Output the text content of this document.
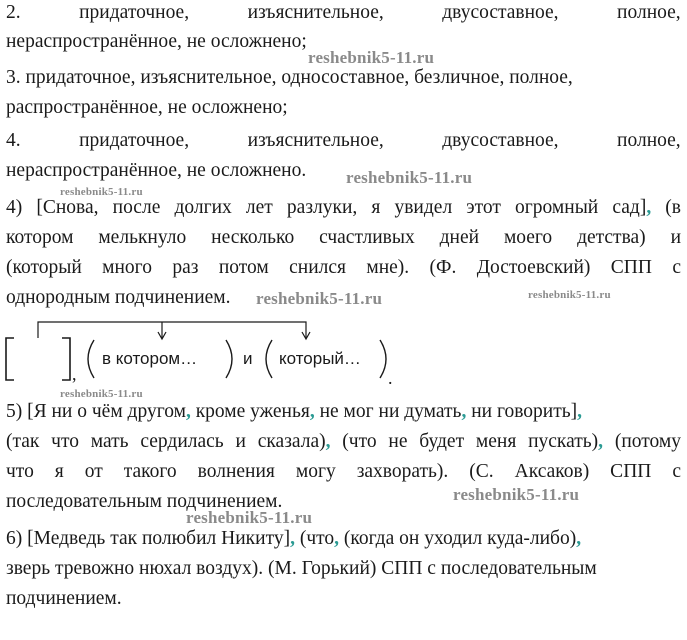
2.            придаточное,            изъяснительное,            двусоставное,            полное,
нераспространённое, не осложнено;
3. придаточное, изъяснительное, односоставное, безличное, полное,
распространённое, не осложнено;
4.            придаточное,            изъяснительное,            двусоставное,            полное,
нераспространённое, не осложнено.
4) [Снова, после долгих лет разлуки, я увидел этот огромный сад], (в
котором мелькнуло несколько счастливых дней моего детства) и
(который много раз потом снился мне). (Ф. Достоевский) СПП с
однородным подчинением.
,
в котором…	и который…
.
5) [Я ни о чём другом, кроме уженья, не мог ни думать, ни говорить],
(так что мать сердилась и сказала), (что не будет меня пускать), (потому
что я от такого волнения могу захворать). (С. Аксаков) СПП с
последовательным подчинением.
6) [Медведь так полюбил Никиту], (что, (когда он уходил куда-либо),
зверь тревожно нюхал воздух). (М. Горький) СПП с последовательным
подчинением.
reshebnik5-11.ru
reshebnik5-11.ru
reshebnik5-11.ru
reshebnik5-11.ru	reshebnik5-11.ru
reshebnik5-11.ru
reshebnik5-11.ru
reshebnik5-11.ru
